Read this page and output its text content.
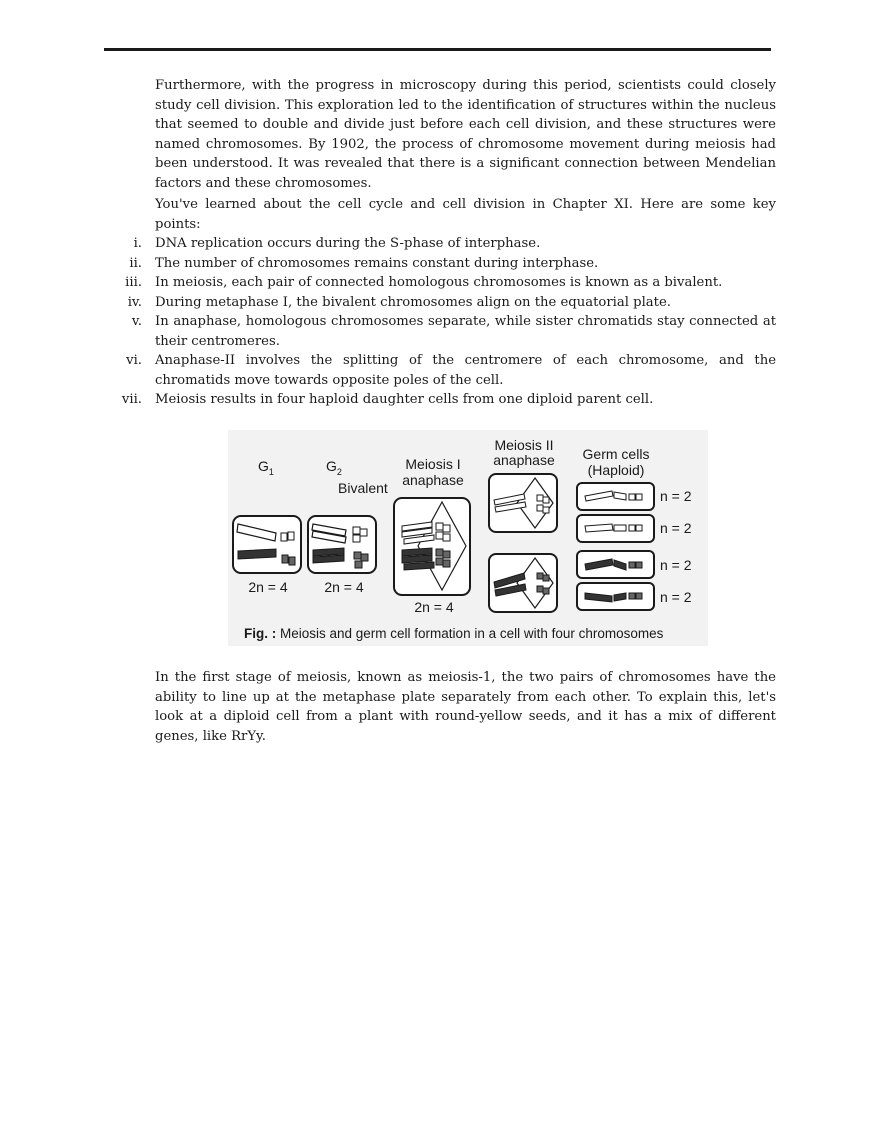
Furthermore, with the progress in microscopy during this period, scientists could closely study cell division. This exploration led to the identification of structures within the nucleus that seemed to double and divide just before each cell division, and these structures were named chromosomes. By 1902, the process of chromosome movement during meiosis had been understood. It was revealed that there is a significant connection between Mendelian factors and these chromosomes.

You've learned about the cell cycle and cell division in Chapter XI. Here are some key points:

i. DNA replication occurs during the S-phase of interphase.
ii. The number of chromosomes remains constant during interphase.
iii. In meiosis, each pair of connected homologous chromosomes is known as a bivalent.
iv. During metaphase I, the bivalent chromosomes align on the equatorial plate.
v. In anaphase, homologous chromosomes separate, while sister chromatids stay connected at their centromeres.
vi. Anaphase-II involves the splitting of the centromere of each chromosome, and the chromatids move towards opposite poles of the cell.
vii. Meiosis results in four haploid daughter cells from one diploid parent cell.
$G_1$	$G_2$	Meiosis I
anaphase
Bivalent
Meiosis II
anaphase Germ cells
(Haploid)
2n = 4	2n = 4
2n = 4
n = 2
n = 2
n = 2
n = 2
Fig. : Meiosis and germ cell formation in a cell with four chromosomes

In the first stage of meiosis, known as meiosis-1, the two pairs of chromosomes have the ability to line up at the metaphase plate separately from each other. To explain this, let's look at a diploid cell from a plant with round-yellow seeds, and it has a mix of different genes, like RrYy.
